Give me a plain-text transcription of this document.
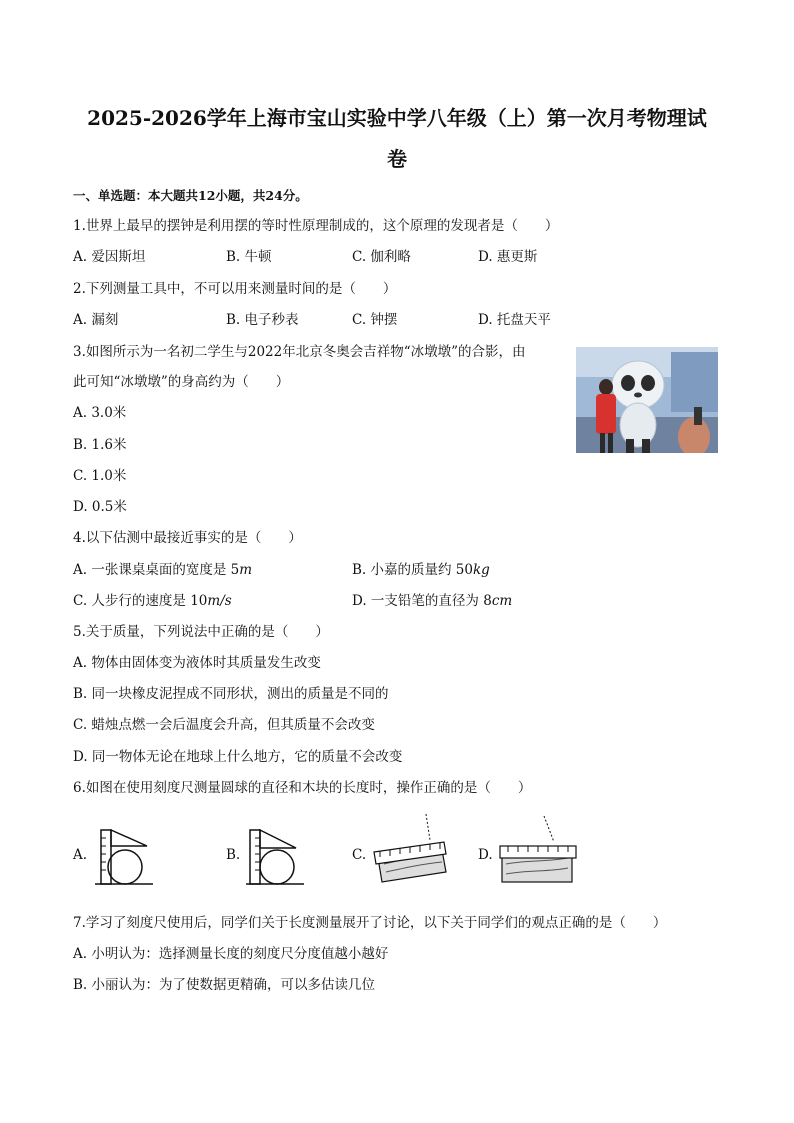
2025-2026学年上海市宝山实验中学八年级（上）第一次月考物理试
卷
一、单选题：本大题共12小题，共24分。
1.世界上最早的摆钟是利用摆的等时性原理制成的，这个原理的发现者是（　　）
A. 爱因斯坦	B. 牛顿	C. 伽利略	D. 惠更斯
2.下列测量工具中，不可以用来测量时间的是（　　）
A. 漏刻	B. 电子秒表	C. 钟摆	D. 托盘天平
3.如图所示为一名初二学生与2022年北京冬奥会吉祥物“冰墩墩”的合影，由
此可知“冰墩墩”的身高约为（　　）
A. 3.0米
B. 1.6米
C. 1.0米
D. 0.5米
4.以下估测中最接近事实的是（　　）
A. 一张课桌桌面的宽度是 5m	B. 小嘉的质量约 50kg
C. 人步行的速度是 10m/s	D. 一支铅笔的直径为 8cm
5.关于质量，下列说法中正确的是（　　）
A. 物体由固体变为液体时其质量发生改变
B. 同一块橡皮泥捏成不同形状，测出的质量是不同的
C. 蜡烛点燃一会后温度会升高，但其质量不会改变
D. 同一物体无论在地球上什么地方，它的质量不会改变
6.如图在使用刻度尺测量圆球的直径和木块的长度时，操作正确的是（　　）
A.	B.	C.	D.
7.学习了刻度尺使用后，同学们关于长度测量展开了讨论，以下关于同学们的观点正确的是（　　）
A. 小明认为：选择测量长度的刻度尺分度值越小越好
B. 小丽认为：为了使数据更精确，可以多估读几位
